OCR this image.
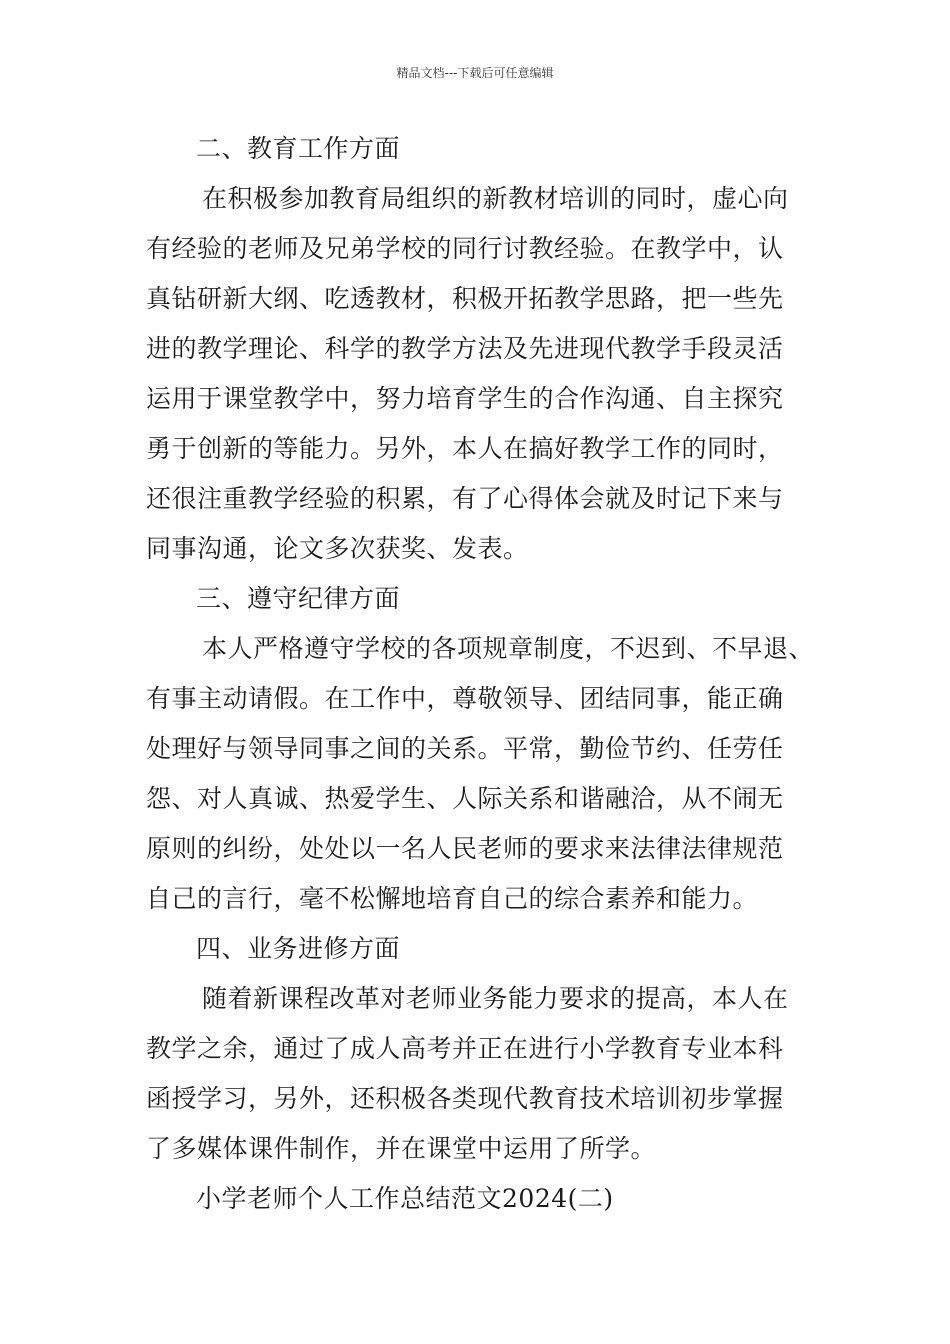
精品文档---下载后可任意编辑
二、教育工作方面
在积极参加教育局组织的新教材培训的同时，虚心向
有经验的老师及兄弟学校的同行讨教经验。在教学中，认
真钻研新大纲、吃透教材，积极开拓教学思路，把一些先
进的教学理论、科学的教学方法及先进现代教学手段灵活
运用于课堂教学中，努力培育学生的合作沟通、自主探究
勇于创新的等能力。另外，本人在搞好教学工作的同时，
还很注重教学经验的积累，有了心得体会就及时记下来与
同事沟通，论文多次获奖、发表。
三、遵守纪律方面
本人严格遵守学校的各项规章制度，不迟到、不早退、
有事主动请假。在工作中，尊敬领导、团结同事，能正确
处理好与领导同事之间的关系。平常，勤俭节约、任劳任
怨、对人真诚、热爱学生、人际关系和谐融洽，从不闹无
原则的纠纷，处处以一名人民老师的要求来法律法律规范
自己的言行，毫不松懈地培育自己的综合素养和能力。
四、业务进修方面
随着新课程改革对老师业务能力要求的提高，本人在
教学之余，通过了成人高考并正在进行小学教育专业本科
函授学习，另外，还积极各类现代教育技术培训初步掌握
了多媒体课件制作，并在课堂中运用了所学。
小学老师个人工作总结范文2024(二)
